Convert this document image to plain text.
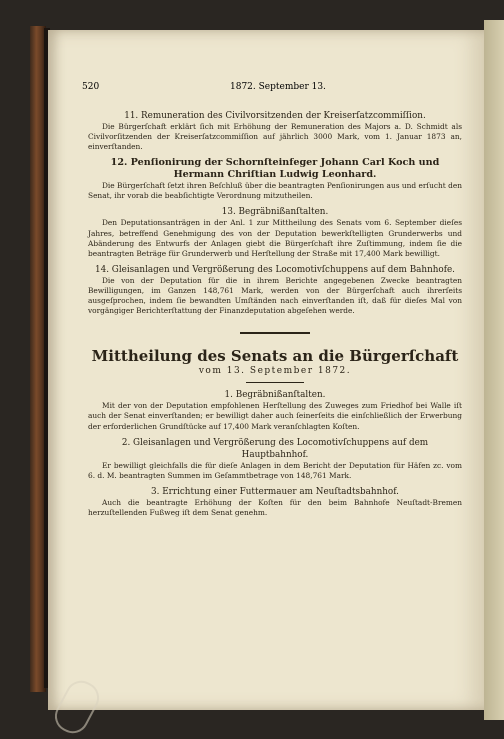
520	1872. September 13.

11. Remuneration des Civilvorsitzenden der Kreiserſatzcommiſſion.

Die Bürgerſchaft erklärt ſich mit Erhöhung der Remuneration des Majors a. D. Schmidt als Civilvorſitzenden der Kreiserſatzcommiſſion auf jährlich 3000 Mark, vom 1. Januar 1873 an, einverſtanden.

12. Penſionirung der Schornſteinfeger Johann Carl Koch und Hermann Chriſtian Ludwig Leonhard.

Die Bürgerſchaft ſetzt ihren Beſchluß über die beantragten Penſionirungen aus und erſucht den Senat, ihr vorab die beabſichtigte Verordnung mitzutheilen.

13. Begräbnißanſtalten.

Den Deputationsanträgen in der Anl. 1 zur Mittheilung des Senats vom 6. September dieſes Jahres, betreffend Genehmigung des von der Deputation bewerkſtelligten Grunderwerbs und Abänderung des Entwurfs der Anlagen giebt die Bürgerſchaft ihre Zuſtimmung, indem ſie die beantragten Beträge für Grunderwerb und Herſtellung der Straße mit 17,400 Mark bewilligt.

14. Gleisanlagen und Vergrößerung des Locomotivſchuppens auf dem Bahnhofe.

Die von der Deputation für die in ihrem Berichte angegebenen Zwecke beantragten Bewilligungen, im Ganzen 148,761 Mark, werden von der Bürgerſchaft auch ihrerſeits ausgeſprochen, indem ſie bewandten Umſtänden nach einverſtanden iſt, daß für dieſes Mal von vorgängiger Berichterſtattung der Finanzdeputation abgeſehen werde.

Mittheilung des Senats an die Bürgerſchaft

vom 13. September 1872.

1. Begräbnißanſtalten.

Mit der von der Deputation empfohlenen Herſtellung des Zuweges zum Friedhof bei Walle iſt auch der Senat einverſtanden; er bewilligt daher auch ſeinerſeits die einſchließlich der Erwerbung der erforderlichen Grundſtücke auf 17,400 Mark veranſchlagten Koſten.

2. Gleisanlagen und Vergrößerung des Locomotivſchuppens auf dem Hauptbahnhof.

Er bewilligt gleichfalls die für dieſe Anlagen in dem Bericht der Deputation für Häfen zc. vom 6. d. M. beantragten Summen im Geſammtbetrage von 148,761 Mark.

3. Errichtung einer Futtermauer am Neuſtadtsbahnhof.

Auch die beantragte Erhöhung der Koſten für den beim Bahnhofe Neuſtadt-Bremen herzuſtellenden Fußweg iſt dem Senat genehm.
